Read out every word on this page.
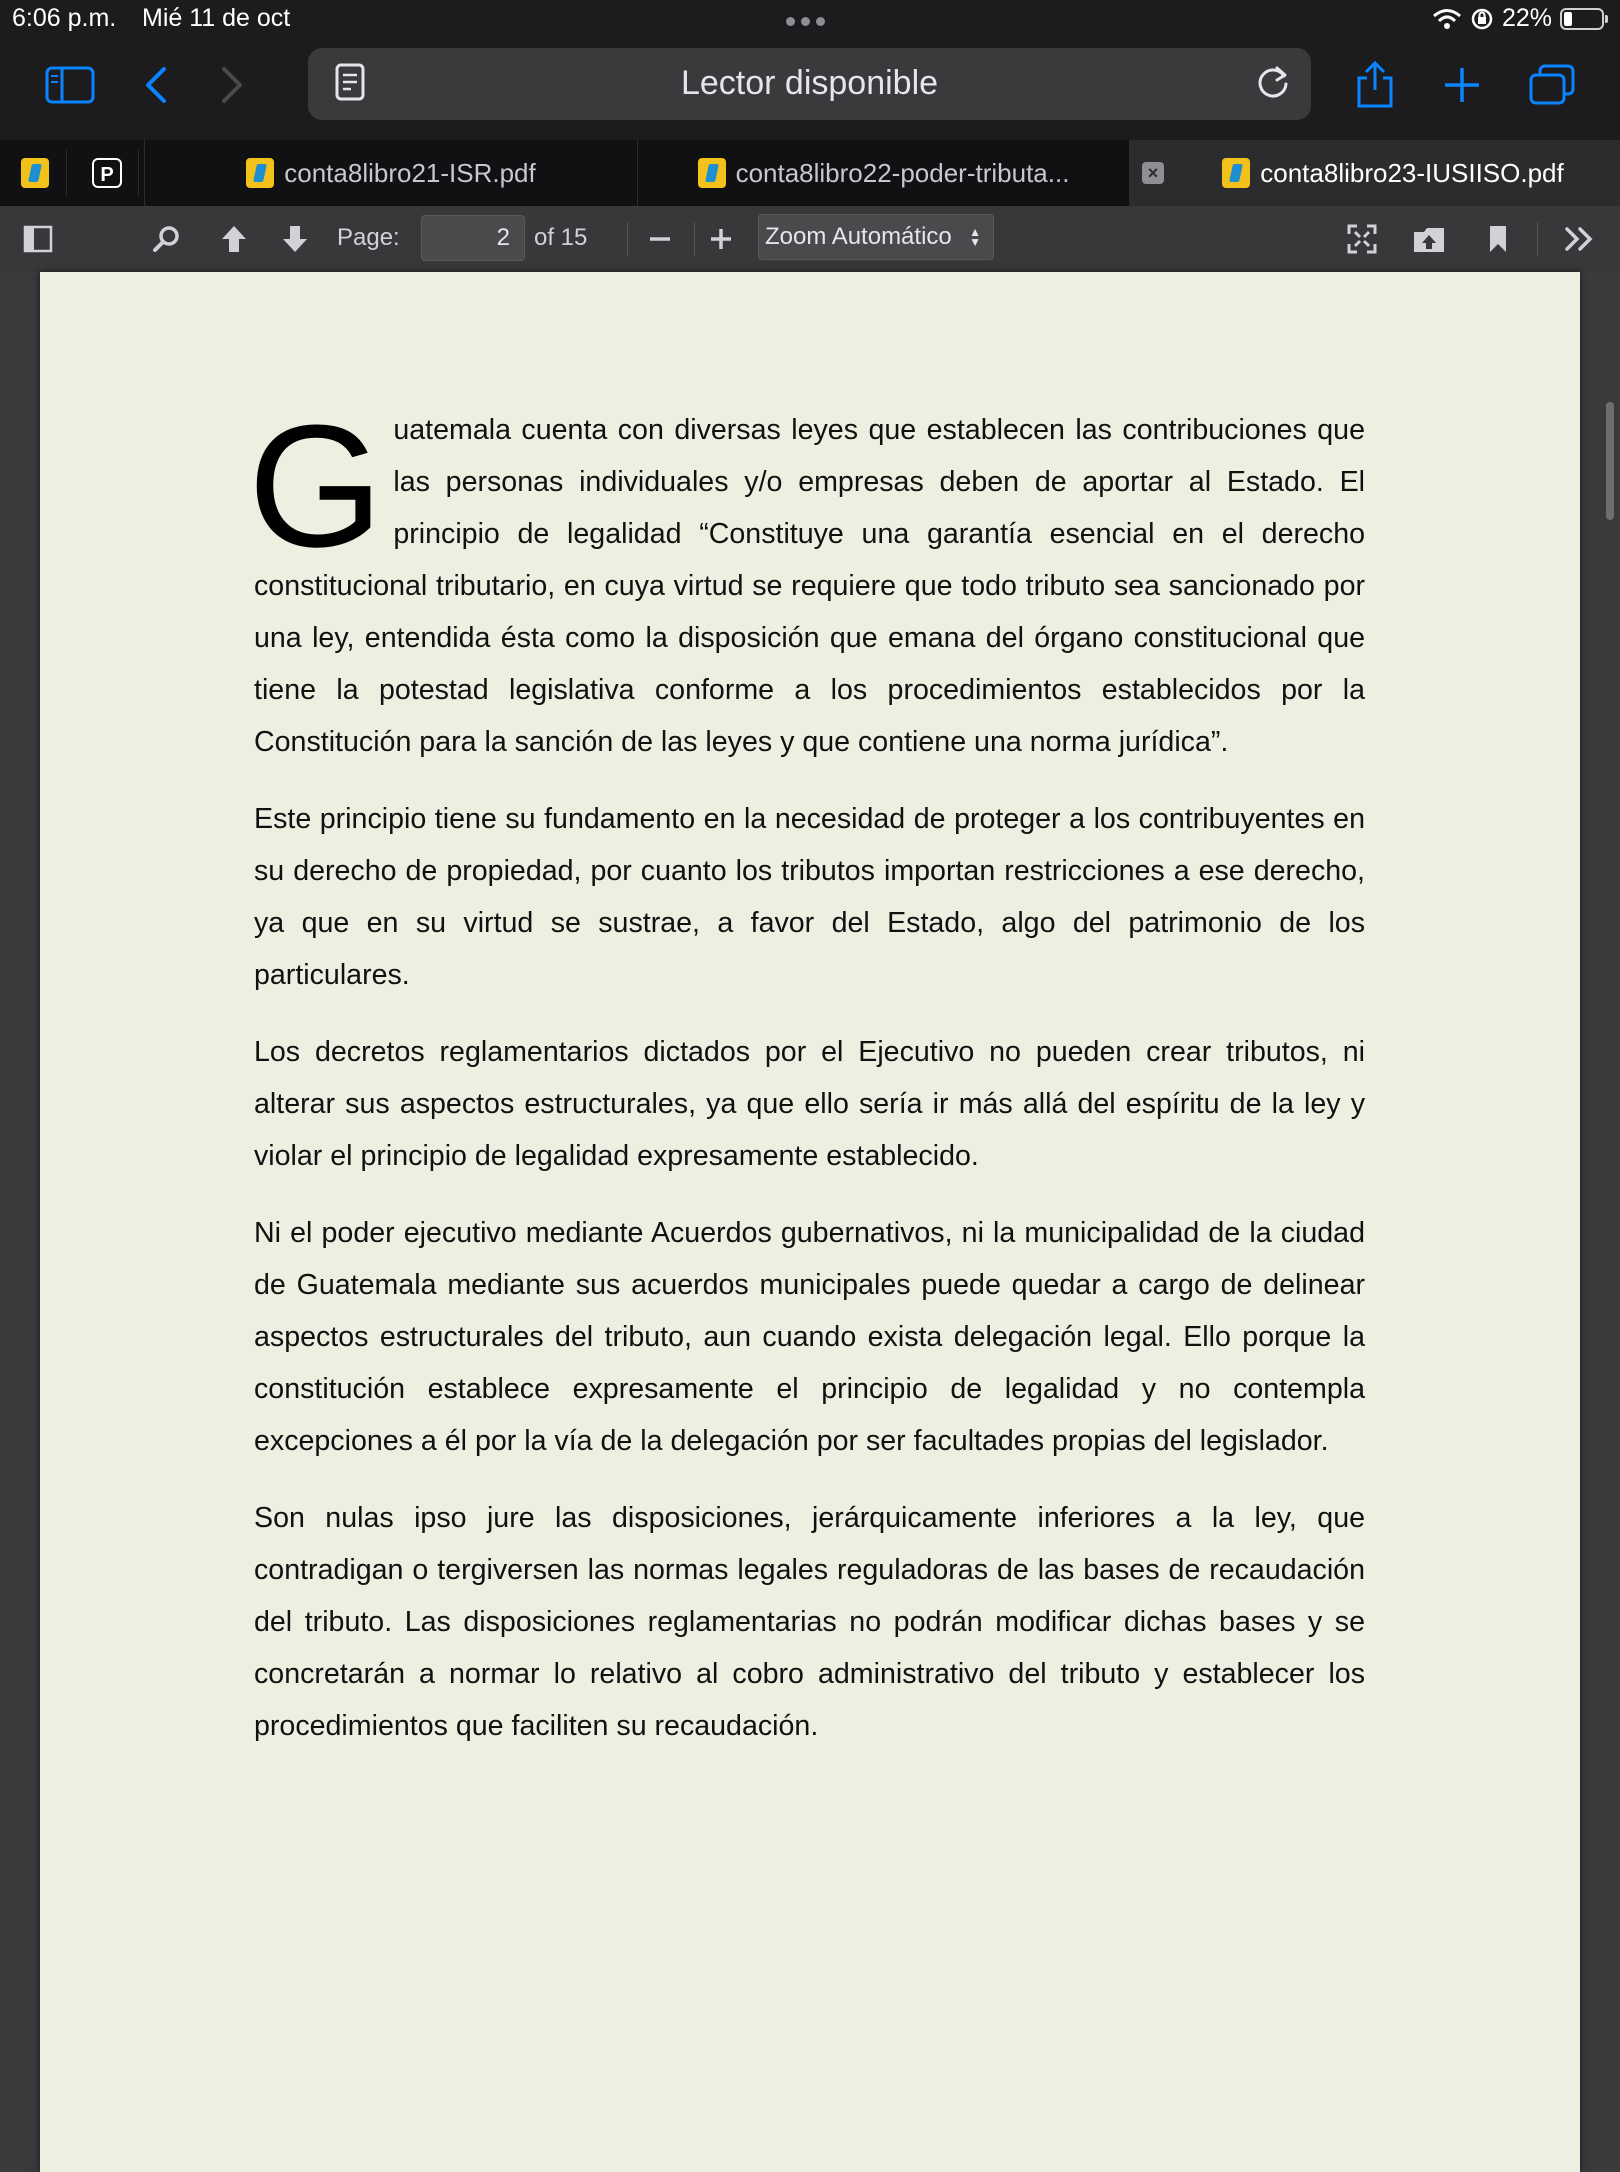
6:06 p.m. Mié 11 de oct	22%
Lector disponible
P	conta8libro21-ISR.pdf	conta8libro22-poder-tributa...	×	conta8libro23-IUSIISO.pdf
Page:
2	of 15	Zoom Automático ▲
▼

Guatemala cuenta con diversas leyes que establecen las contribuciones que las personas individuales y/o empresas deben de aportar al Estado. El principio de legalidad “Constituye una garantía esencial en el derecho constitucional tributario, en cuya virtud se requiere que todo tributo sea sancionado por una ley, entendida ésta como la disposición que emana del órgano constitucional que tiene la potestad legislativa conforme a los procedimientos establecidos por la Constitución para la sanción de las leyes y que contiene una norma jurídica”.

Este principio tiene su fundamento en la necesidad de proteger a los contribuyentes en su derecho de propiedad, por cuanto los tributos importan restricciones a ese derecho, ya que en su virtud se sustrae, a favor del Estado, algo del patrimonio de los particulares.

Los decretos reglamentarios dictados por el Ejecutivo no pueden crear tributos, ni alterar sus aspectos estructurales, ya que ello sería ir más allá del espíritu de la ley y violar el principio de legalidad expresamente establecido.

Ni el poder ejecutivo mediante Acuerdos gubernativos, ni la municipalidad de la ciudad de Guatemala mediante sus acuerdos municipales puede quedar a cargo de delinear aspectos estructurales del tributo, aun cuando exista delegación legal. Ello porque la constitución establece expresamente el principio de legalidad y no contempla excepciones a él por la vía de la delegación por ser facultades propias del legislador.

Son nulas ipso jure las disposiciones, jerárquicamente inferiores a la ley, que contradigan o tergiversen las normas legales reguladoras de las bases de recaudación del tributo. Las disposiciones reglamentarias no podrán modificar dichas bases y se concretarán a normar lo relativo al cobro administrativo del tributo y establecer los procedimientos que faciliten su recaudación.
